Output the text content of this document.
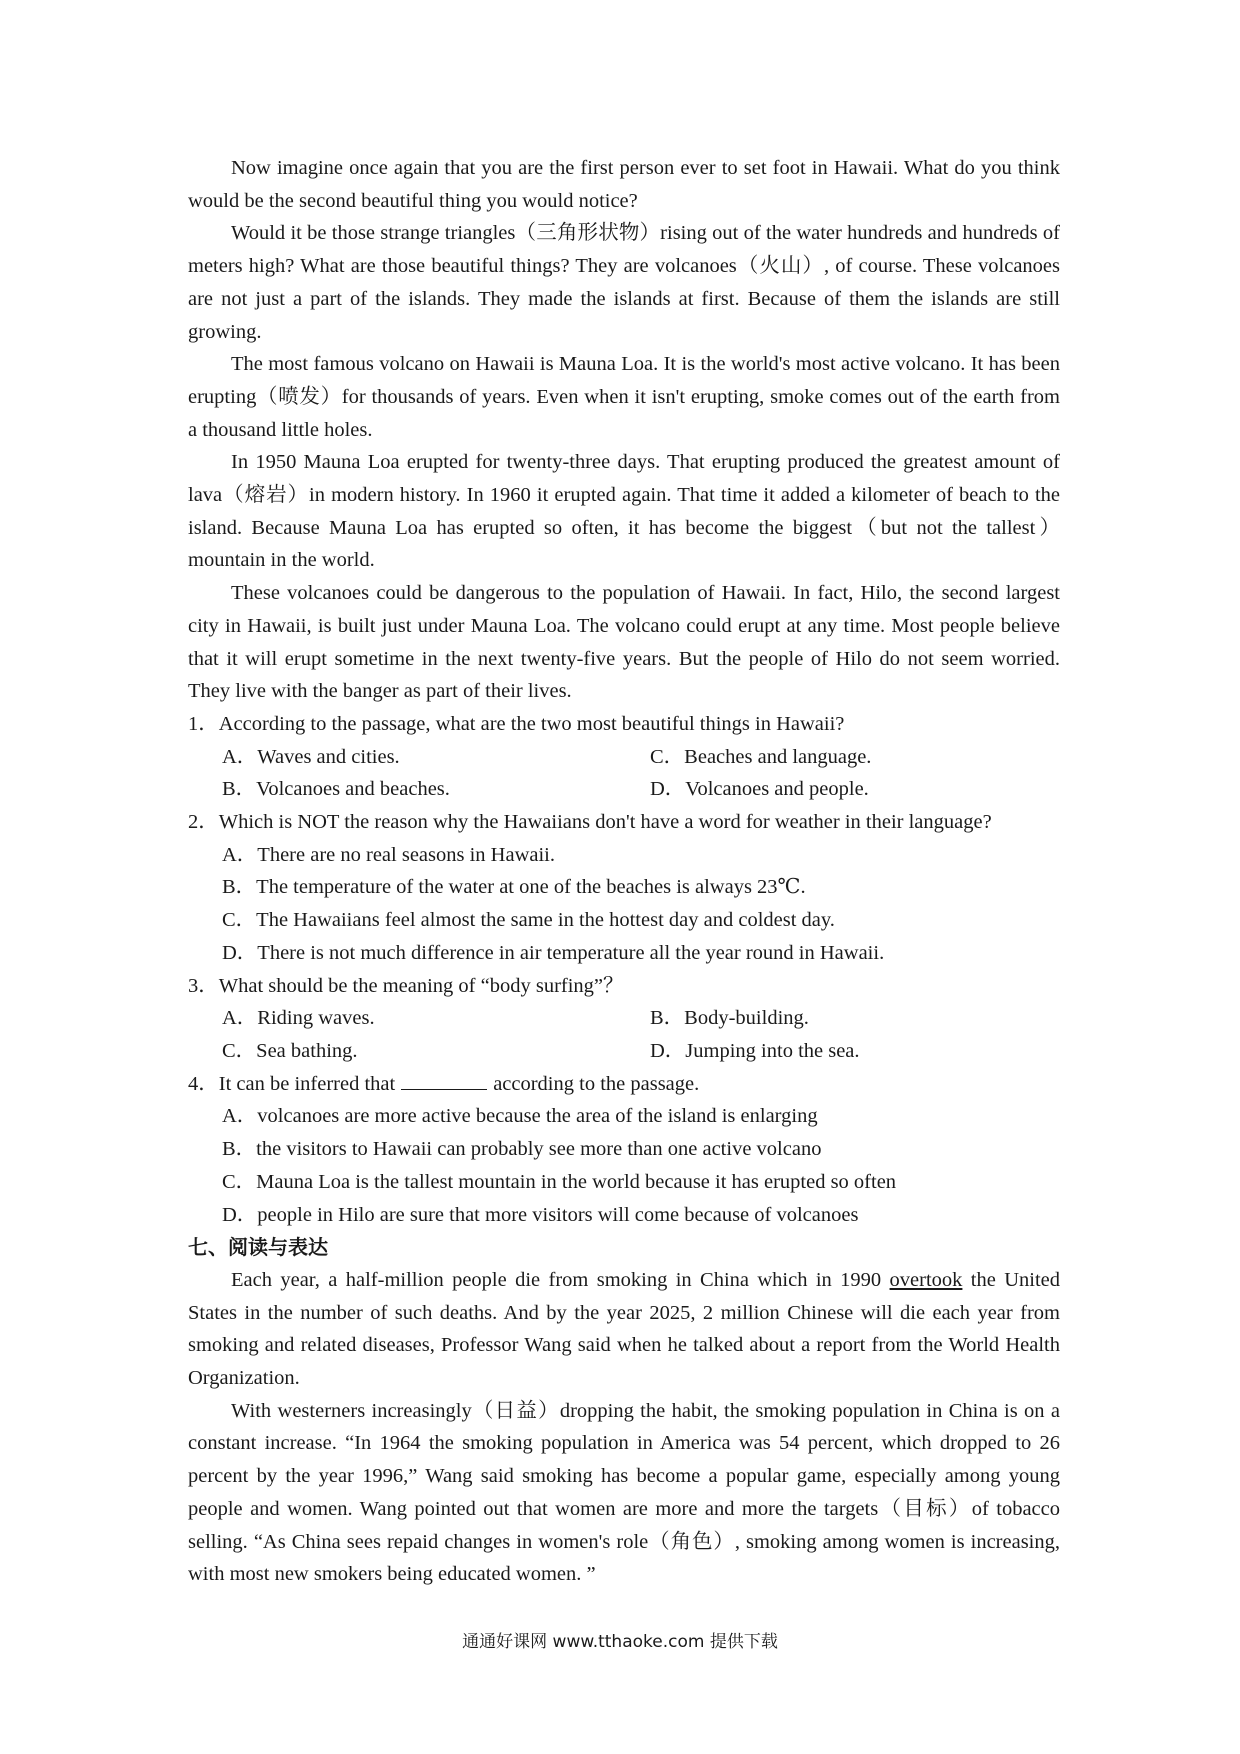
Now imagine once again that you are the first person ever to set foot in Hawaii. What do you think would be the second beautiful thing you would notice?

Would it be those strange triangles（三角形状物）rising out of the water hundreds and hundreds of meters high? What are those beautiful things? They are volcanoes（火山）, of course. These volcanoes are not just a part of the islands. They made the islands at first. Because of them the islands are still growing.

The most famous volcano on Hawaii is Mauna Loa. It is the world's most active volcano. It has been erupting（喷发）for thousands of years. Even when it isn't erupting, smoke comes out of the earth from a thousand little holes.

In 1950 Mauna Loa erupted for twenty-three days. That erupting produced the greatest amount of lava（熔岩）in modern history. In 1960 it erupted again. That time it added a kilometer of beach to the island. Because Mauna Loa has erupted so often, it has become the biggest（but not the tallest）mountain in the world.

These volcanoes could be dangerous to the population of Hawaii. In fact, Hilo, the second largest city in Hawaii, is built just under Mauna Loa. The volcano could erupt at any time. Most people believe that it will erupt sometime in the next twenty-five years. But the people of Hilo do not seem worried. They live with the banger as part of their lives.

1．According to the passage, what are the two most beautiful things in Hawaii?

A．Waves and cities.	C．Beaches and language.
B．Volcanoes and beaches.	D．Volcanoes and people.

2．Which is NOT the reason why the Hawaiians don't have a word for weather in their language?

A．There are no real seasons in Hawaii.

B．The temperature of the water at one of the beaches is always 23℃.

C．The Hawaiians feel almost the same in the hottest day and coldest day.

D．There is not much difference in air temperature all the year round in Hawaii.

3．What should be the meaning of “body surfing”？

A．Riding waves.	B．Body-building.
C．Sea bathing.	D．Jumping into the sea.

4．It can be inferred that	according to the passage.

A．volcanoes are more active because the area of the island is enlarging

B．the visitors to Hawaii can probably see more than one active volcano

C．Mauna Loa is the tallest mountain in the world because it has erupted so often

D．people in Hilo are sure that more visitors will come because of volcanoes

七、阅读与表达

Each year, a half-million people die from smoking in China which in 1990 overtook the United States in the number of such deaths. And by the year 2025, 2 million Chinese will die each year from smoking and related diseases, Professor Wang said when he talked about a report from the World Health Organization.

With westerners increasingly（日益）dropping the habit, the smoking population in China is on a constant increase. “In 1964 the smoking population in America was 54 percent, which dropped to 26 percent by the year 1996,” Wang said smoking has become a popular game, especially among young people and women. Wang pointed out that women are more and more the targets（目标）of tobacco selling. “As China sees repaid changes in women's role（角色）, smoking among women is increasing, with most new smokers being educated women. ”

通通好课网 www.tthaoke.com 提供下载
